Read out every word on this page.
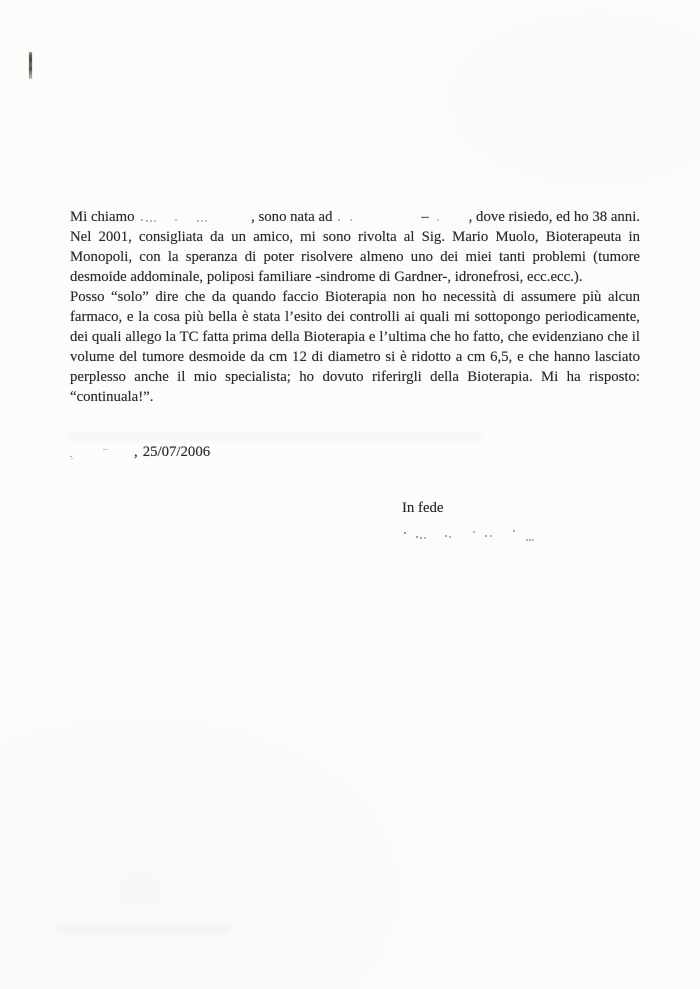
Mi chiamo	, sono nata ad	–	, dove risiedo, ed ho 38 anni.

Nel 2001, consigliata da un amico, mi sono rivolta al Sig. Mario Muolo, Bioterapeuta in Monopoli, con la speranza di poter risolvere almeno uno dei miei tanti problemi (tumore desmoide addominale, poliposi familiare -sindrome di Gardner-, idronefrosi, ecc.ecc.).

Posso “solo” dire che da quando faccio Bioterapia non ho necessità di assumere più alcun farmaco, e la cosa più bella è stata l’esito dei controlli ai quali mi sottopongo periodicamente, dei quali allego la TC fatta prima della Bioterapia e l’ultima che ho fatto, che evidenziano che il volume del tumore desmoide da cm 12 di diametro si è ridotto a cm 6,5, e che hanno lasciato perplesso anche il mio specialista; ho dovuto riferirgli della Bioterapia. Mi ha risposto: “continuala!”.

, 25/07/2006
In fede
